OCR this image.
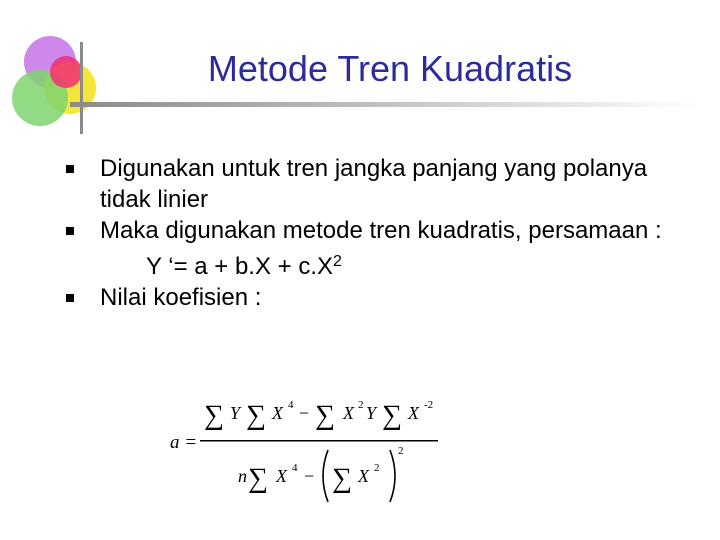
Metode Tren Kuadratis
Digunakan untuk tren jangka panjang yang polanya tidak linier
Maka digunakan metode tren kuadratis, persamaan :
Y ‘= $a + b.X + c.X^2$
Nilai koefisien :
a =
∑ Y ∑ X 4 − ∑ X 2 Y ∑ X -2
n ∑ X 4 − ∑ X 2
2
